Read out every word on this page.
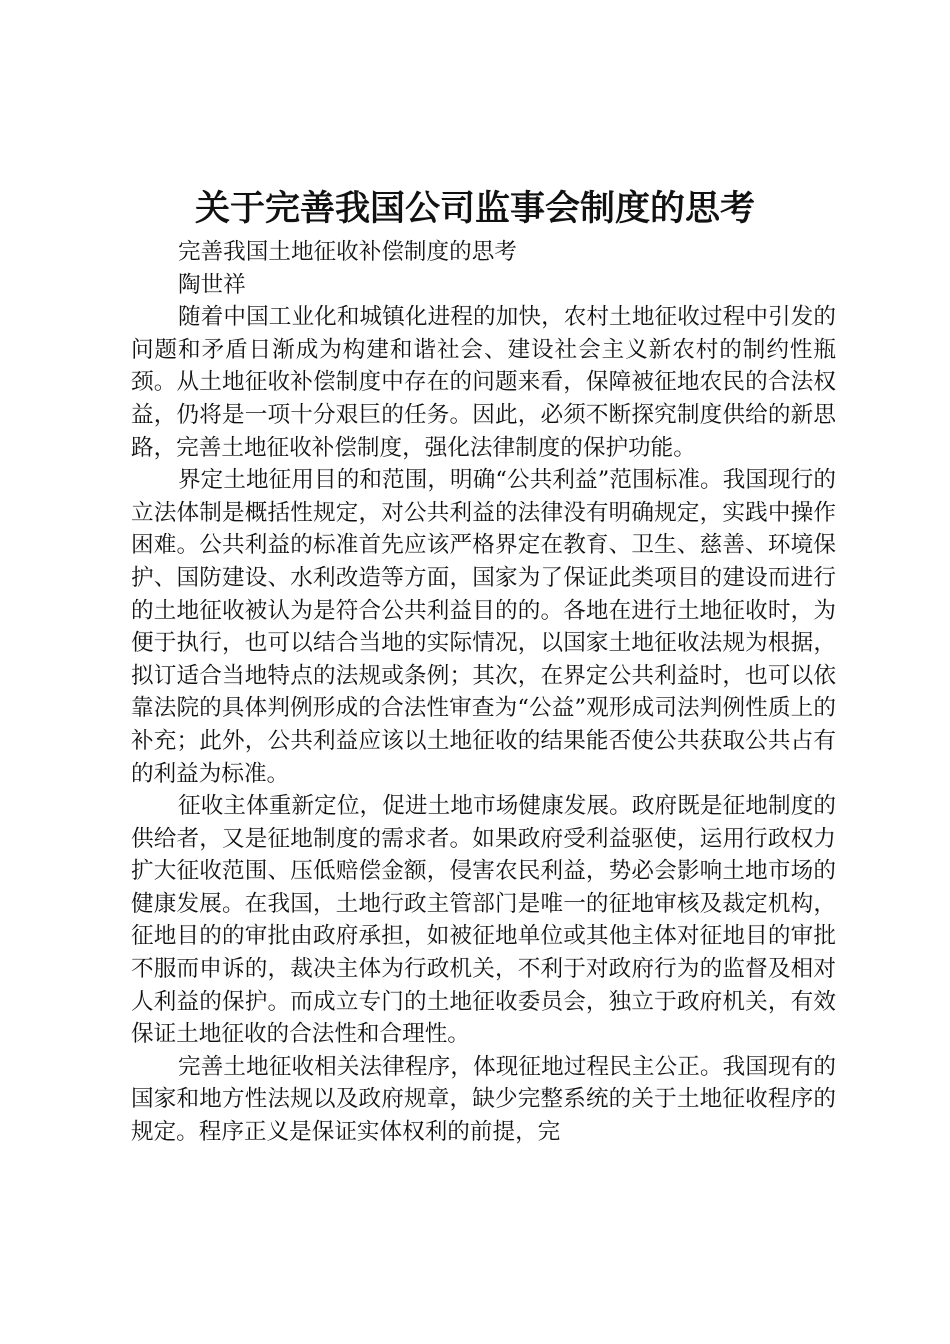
关于完善我国公司监事会制度的思考
完善我国土地征收补偿制度的思考
陶世祥

随着中国工业化和城镇化进程的加快，农村土地征收过程中引发的问题和矛盾日渐成为构建和谐社会、建设社会主义新农村的制约性瓶颈。从土地征收补偿制度中存在的问题来看，保障被征地农民的合法权益，仍将是一项十分艰巨的任务。因此，必须不断探究制度供给的新思路，完善土地征收补偿制度，强化法律制度的保护功能。

界定土地征用目的和范围，明确“公共利益”范围标准。我国现行的立法体制是概括性规定，对公共利益的法律没有明确规定，实践中操作困难。公共利益的标准首先应该严格界定在教育、卫生、慈善、环境保护、国防建设、水利改造等方面，国家为了保证此类项目的建设而进行的土地征收被认为是符合公共利益目的的。各地在进行土地征收时，为便于执行，也可以结合当地的实际情况，以国家土地征收法规为根据，拟订适合当地特点的法规或条例；其次，在界定公共利益时，也可以依靠法院的具体判例形成的合法性审查为“公益”观形成司法判例性质上的补充；此外，公共利益应该以土地征收的结果能否使公共获取公共占有的利益为标准。

征收主体重新定位，促进土地市场健康发展。政府既是征地制度的供给者，又是征地制度的需求者。如果政府受利益驱使，运用行政权力扩大征收范围、压低赔偿金额，侵害农民利益，势必会影响土地市场的健康发展。在我国，土地行政主管部门是唯一的征地审核及裁定机构，征地目的的审批由政府承担，如被征地单位或其他主体对征地目的审批不服而申诉的，裁决主体为行政机关，不利于对政府行为的监督及相对人利益的保护。而成立专门的土地征收委员会，独立于政府机关，有效保证土地征收的合法性和合理性。

完善土地征收相关法律程序，体现征地过程民主公正。我国现有的国家和地方性法规以及政府规章，缺少完整系统的关于土地征收程序的规定。程序正义是保证实体权利的前提，完
